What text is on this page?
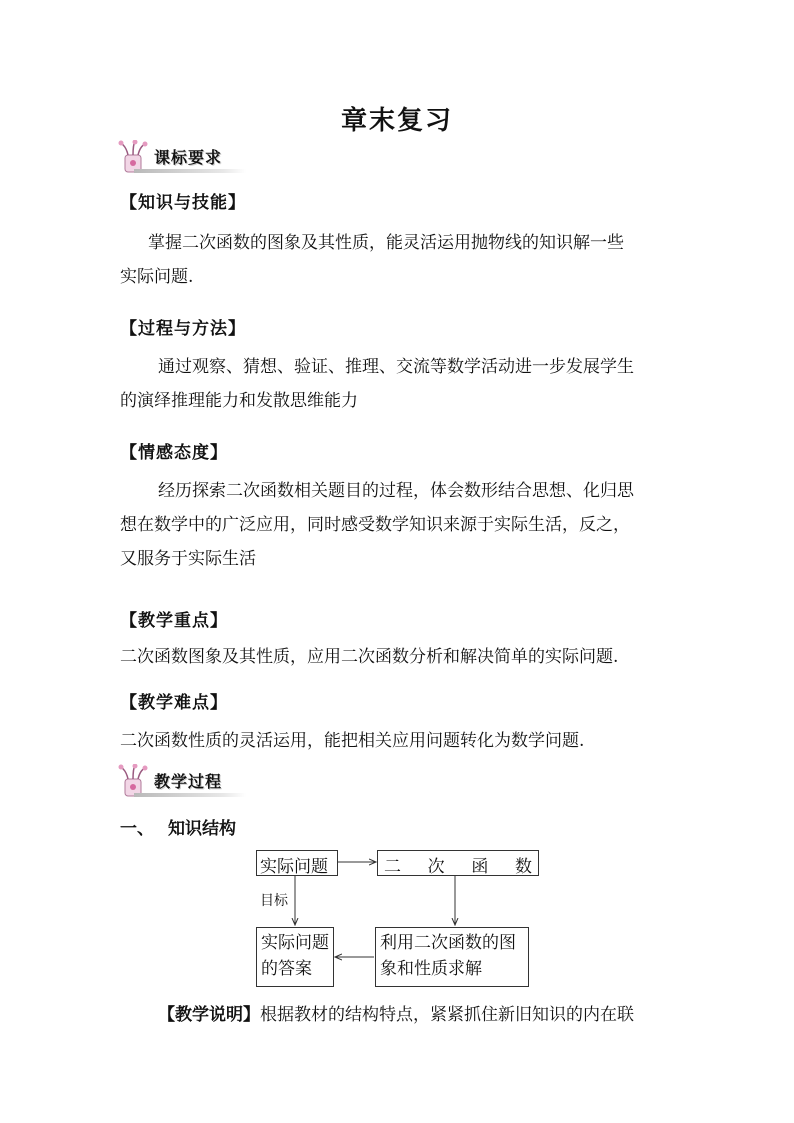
章末复习
课标要求
【知识与技能】
掌握二次函数的图象及其性质，能灵活运用抛物线的知识解一些
实际问题.
【过程与方法】
通过观察、猜想、验证、推理、交流等数学活动进一步发展学生
的演绎推理能力和发散思维能力
【情感态度】
经历探索二次函数相关题目的过程，体会数形结合思想、化归思
想在数学中的广泛应用，同时感受数学知识来源于实际生活，反之，
又服务于实际生活
【教学重点】
二次函数图象及其性质，应用二次函数分析和解决简单的实际问题.
【教学难点】
二次函数性质的灵活运用，能把相关应用问题转化为数学问题.
教学过程
一、 知识结构
实际问题	二 次 函 数
目标
实际问题
的答案
利用二次函数的图
象和性质求解
【教学说明】根据教材的结构特点，紧紧抓住新旧知识的内在联
